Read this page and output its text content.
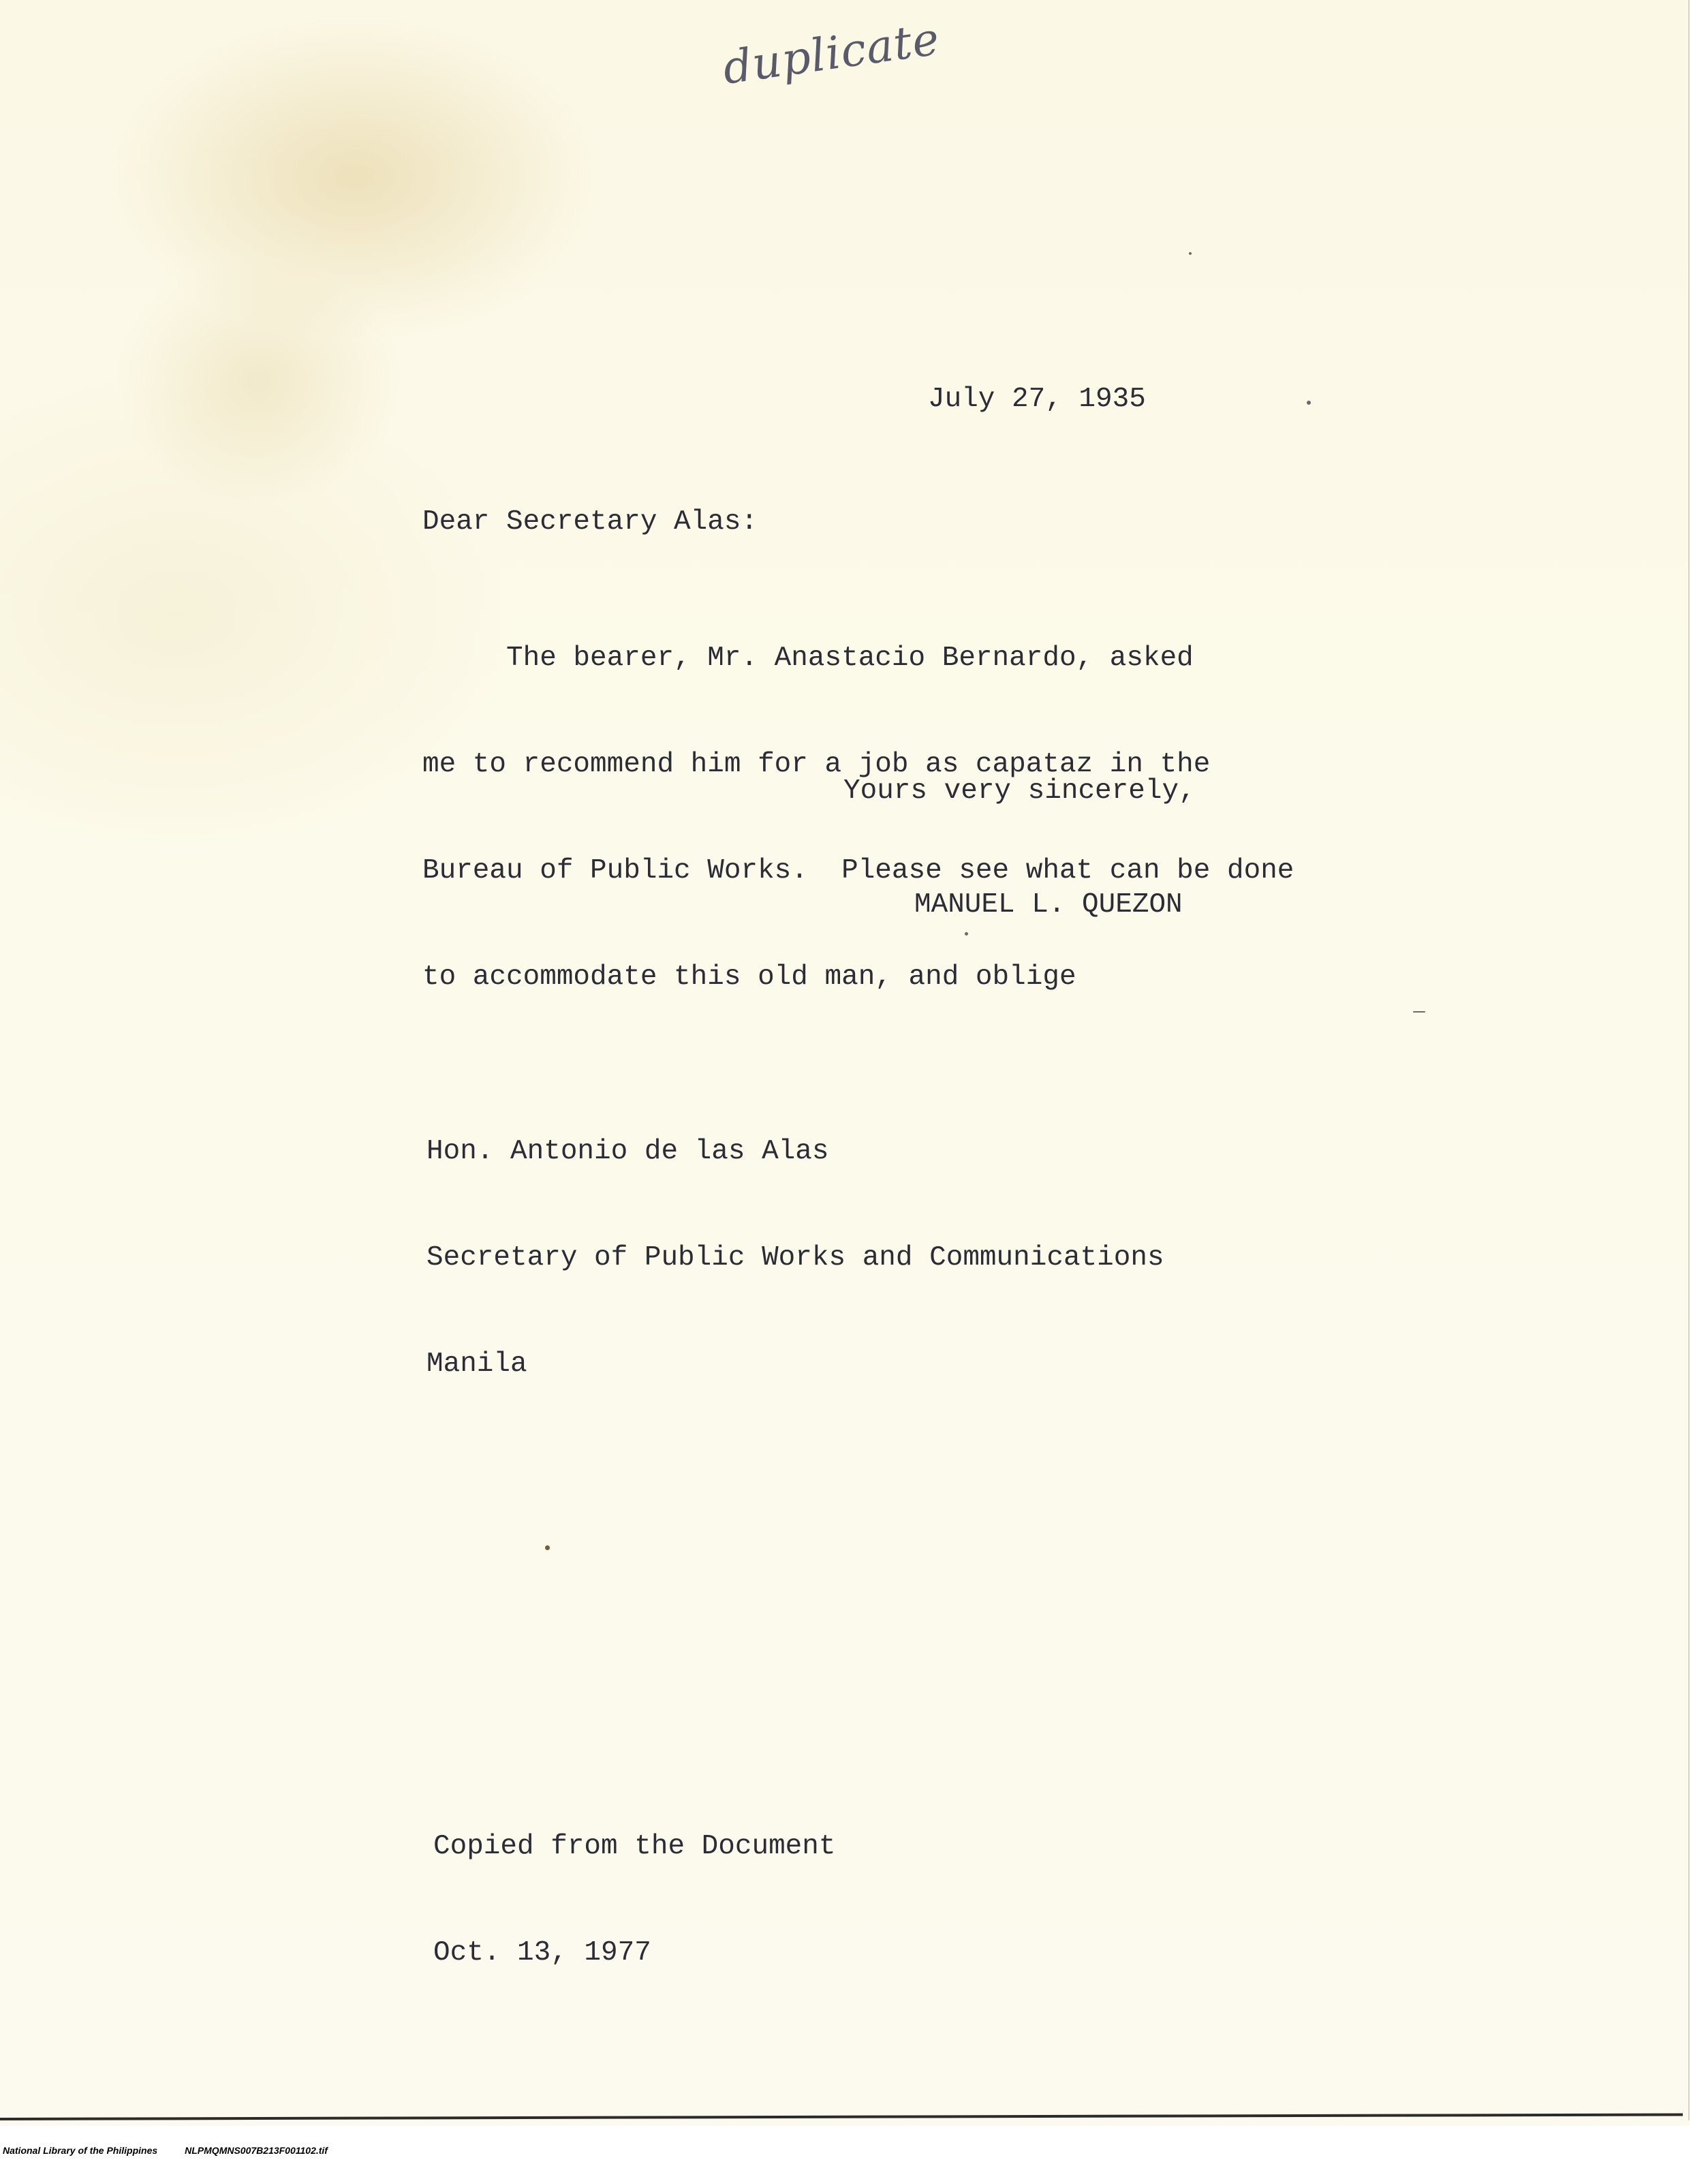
duplicate
July 27, 1935
Dear Secretary Alas:

The bearer, Mr. Anastacio Bernardo, asked

me to recommend him for a job as capataz in the

Bureau of Public Works.  Please see what can be done

to accommodate this old man, and oblige

Yours very sincerely,
MANUEL L. QUEZON

Hon. Antonio de las Alas

Secretary of Public Works and Communications

Manila

Copied from the Document

Oct. 13, 1977

National Library of the Philippines	NLPMQMNS007B213F001102.tif
